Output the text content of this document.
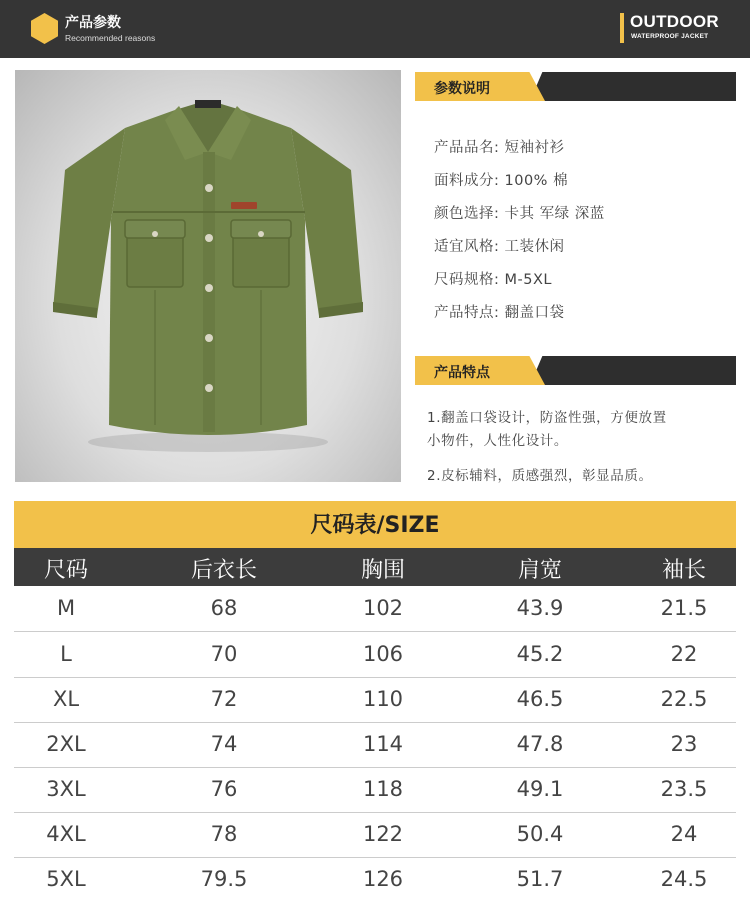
产品参数
Recommended reasons
OUTDOOR
WATERPROOF JACKET
参数说明
产品品名: 短袖衬衫
面料成分: 100% 棉
颜色选择: 卡其 军绿 深蓝
适宜风格: 工装休闲
尺码规格: M-5XL
产品特点: 翻盖口袋
产品特点
1.翻盖口袋设计，防盗性强，方便放置
小物件，人性化设计。
2.皮标辅料，质感强烈，彰显品质。
尺码表/SIZE
尺码	后衣长	胸围	肩宽	袖长
M	68	102	43.9	21.5
L	70	106	45.2	22
XL	72	110	46.5	22.5
2XL	74	114	47.8	23
3XL	76	118	49.1	23.5
4XL	78	122	50.4	24
5XL	79.5	126	51.7	24.5
